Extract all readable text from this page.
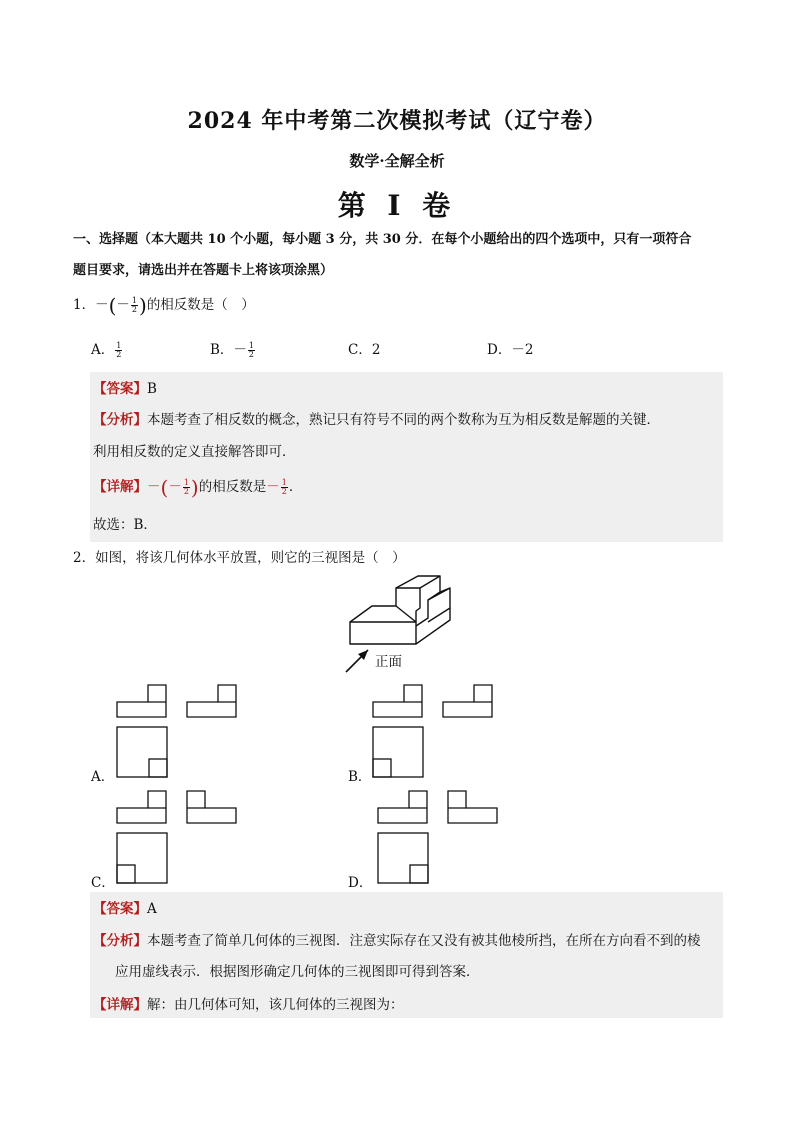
2024 年中考第二次模拟考试（辽宁卷）
数学·全解全析
第 I 卷
一、选择题（本大题共 10 个小题，每小题 3 分，共 30 分．在每个小题给出的四个选项中，只有一项符合
题目要求，请选出并在答题卡上将该项涂黑）
1．－(－ $\frac{1}{2}$ )的相反数是（　）
A． $\frac{1}{2}$	B．－ $\frac{1}{2}$	C．2	D．－2
【答案】B
【分析】本题考查了相反数的概念，熟记只有符号不同的两个数称为互为相反数是解题的关键．
利用相反数的定义直接解答即可．
【详解】－(－ $\frac{1}{2}$ )的相反数是－ $\frac{1}{2}$ ．
故选：B．
2．如图，将该几何体水平放置，则它的三视图是（　）
正面
A．	B．
C．	D．
【答案】A
【分析】本题考查了简单几何体的三视图．注意实际存在又没有被其他棱所挡，在所在方向看不到的棱
应用虚线表示．根据图形确定几何体的三视图即可得到答案．
【详解】解：由几何体可知，该几何体的三视图为：
